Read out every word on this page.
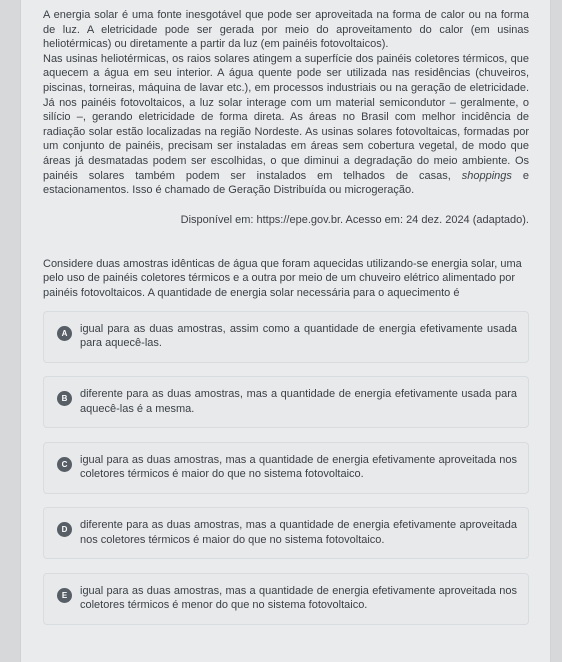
A energia solar é uma fonte inesgotável que pode ser aproveitada na forma de calor ou na forma de luz. A eletricidade pode ser gerada por meio do aproveitamento do calor (em usinas heliotérmicas) ou diretamente a partir da luz (em painéis fotovoltaicos).

Nas usinas heliotérmicas, os raios solares atingem a superfície dos painéis coletores térmicos, que aquecem a água em seu interior. A água quente pode ser utilizada nas residências (chuveiros, piscinas, torneiras, máquina de lavar etc.), em processos industriais ou na geração de eletricidade. Já nos painéis fotovoltaicos, a luz solar interage com um material semicondutor – geralmente, o silício –, gerando eletricidade de forma direta. As áreas no Brasil com melhor incidência de radiação solar estão localizadas na região Nordeste. As usinas solares fotovoltaicas, formadas por um conjunto de painéis, precisam ser instaladas em áreas sem cobertura vegetal, de modo que áreas já desmatadas podem ser escolhidas, o que diminui a degradação do meio ambiente. Os painéis solares também podem ser instalados em telhados de casas, shoppings e estacionamentos. Isso é chamado de Geração Distribuída ou microgeração.

Disponível em: https://epe.gov.br. Acesso em: 24 dez. 2024 (adaptado).
Considere duas amostras idênticas de água que foram aquecidas utilizando-se energia solar, uma pelo uso de painéis coletores térmicos e a outra por meio de um chuveiro elétrico alimentado por painéis fotovoltaicos. A quantidade de energia solar necessária para o aquecimento é
A	igual para as duas amostras, assim como a quantidade de energia efetivamente usada para aquecê-las.
B	diferente para as duas amostras, mas a quantidade de energia efetivamente usada para aquecê-las é a mesma.
C	igual para as duas amostras, mas a quantidade de energia efetivamente aproveitada nos coletores térmicos é maior do que no sistema fotovoltaico.
D	diferente para as duas amostras, mas a quantidade de energia efetivamente aproveitada nos coletores térmicos é maior do que no sistema fotovoltaico.
E	igual para as duas amostras, mas a quantidade de energia efetivamente aproveitada nos coletores térmicos é menor do que no sistema fotovoltaico.
